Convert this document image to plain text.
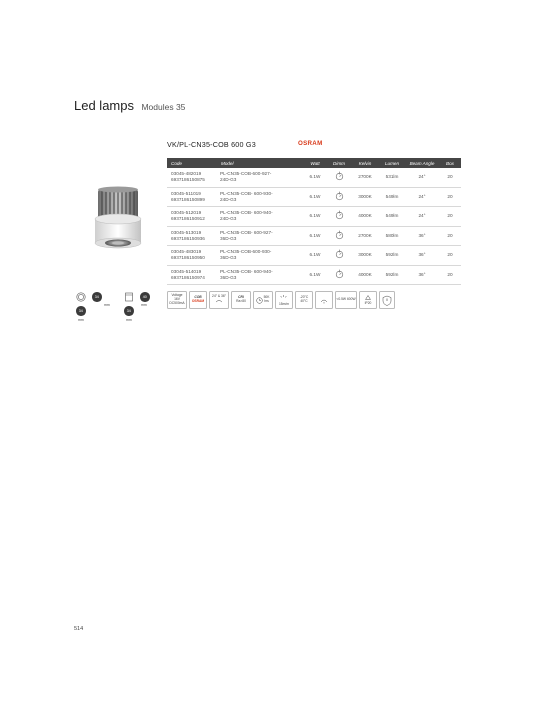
Led lamps Modules 35
VK/PL-CN35-COB 600 G3	OSRAM
Code	Model	Watt	Dimm	Kelvin	Lumen	Beam Angle	Box

03045-482019
6937186150875	PL-CN35-COB-600-927-
24D-G3	6.1W		2700K	531lm	24°	20

03045-511019
6937186150899	PL-CN35-COB- 600-930-
24D-G3	6.1W		3000K	549lm	24°	20

03045-512019
6937186150912	PL-CN35-COB- 600-940-
24D-G3	6.1W		4000K	549lm	24°	20

03045-513019
6937186150936	PL-CN35-COB- 600-927-
36D-G3	6.1W		2700K	580lm	36°	20

03045-483019
6937186150950	PL-CN35-COB-600-930-
36D-G3	6.1W		3000K	592lm	36°	20

03045-514019
6937186150974	PL-CN35-COB- 600-940-
36D-G3	6.1W		4000K	592lm	36°	20
34
mm
34
mm
40
mm
34
mm
Voltage
16V
DC500mA
COB
OSRAM
24° & 36°	CRI
Ra>80
50K hrs

15m/m
-20°C 40°C	<0.5W 600W

IP20
II
514
